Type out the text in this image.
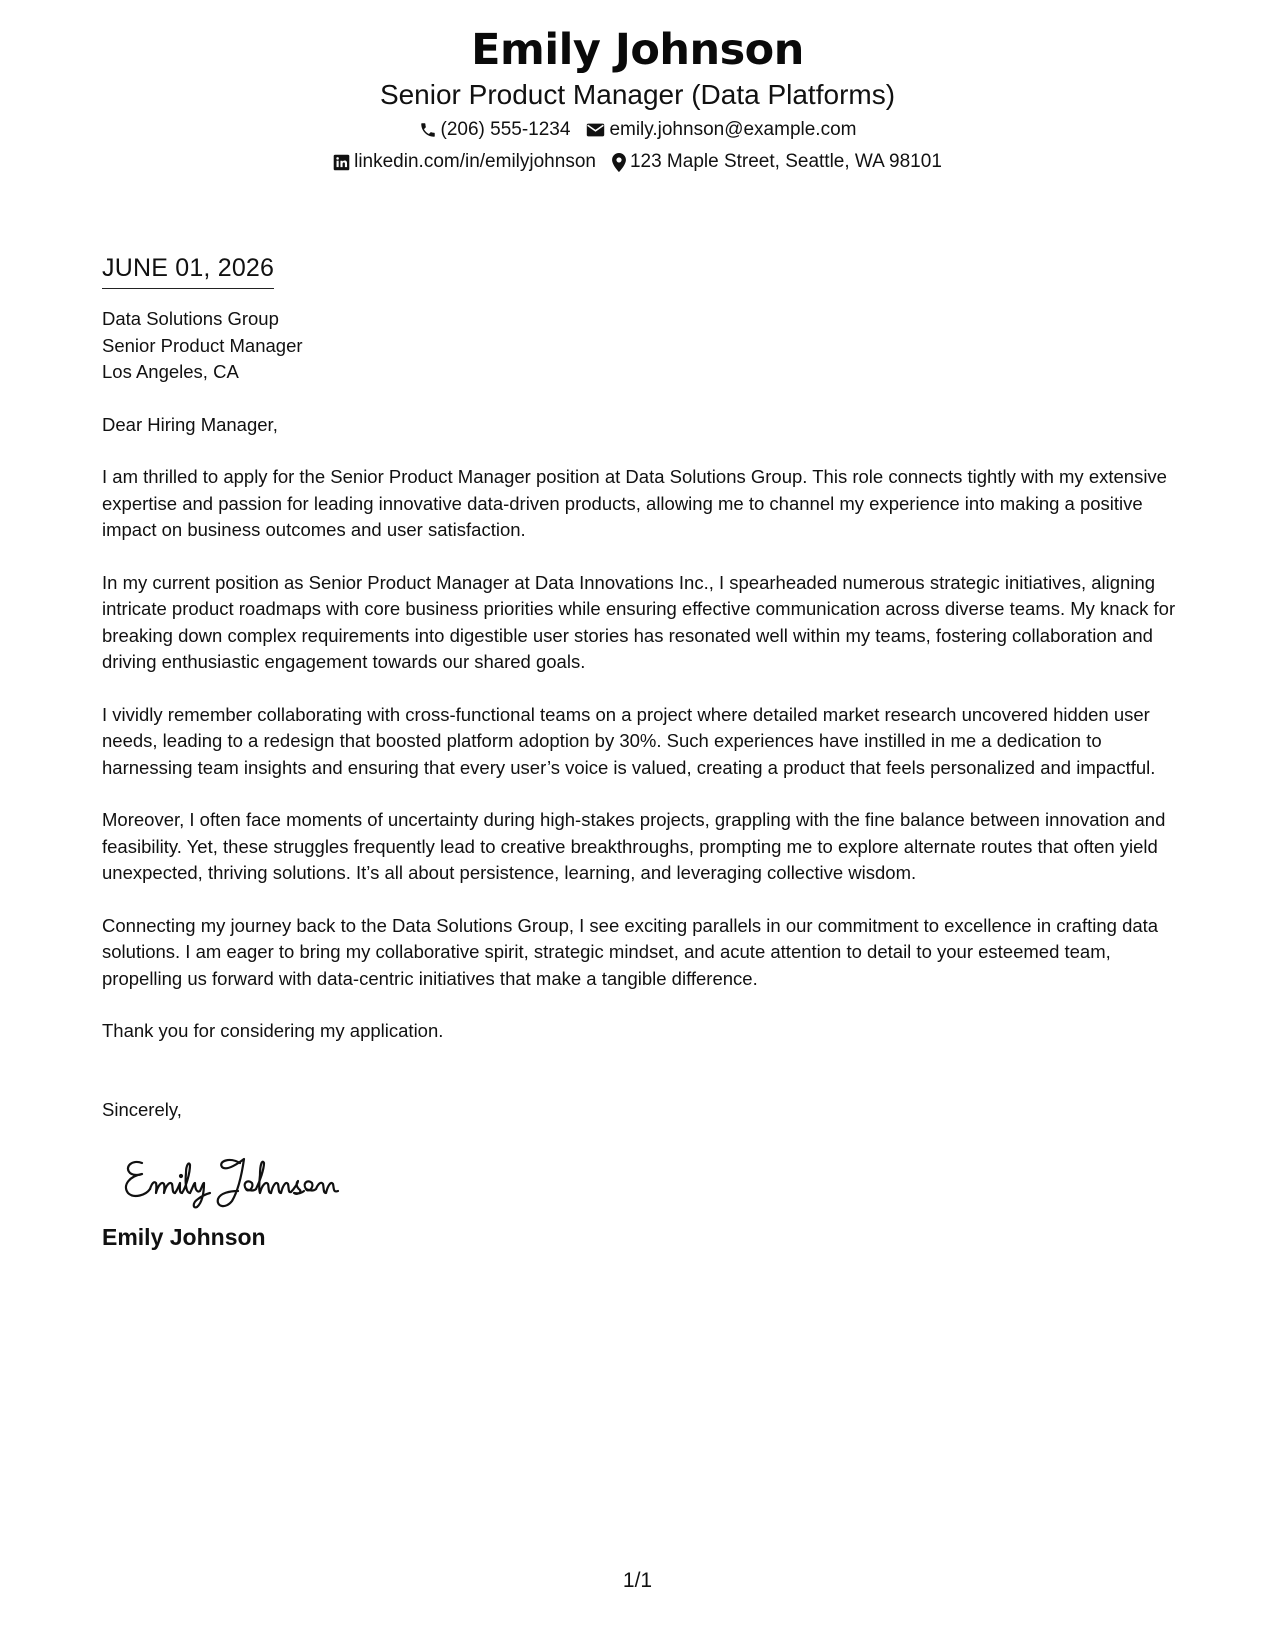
Emily Johnson
Senior Product Manager (Data Platforms)
(206) 555-1234 emily.johnson@example.com
linkedin.com/in/emilyjohnson 123 Maple Street, Seattle, WA 98101
JUNE 01, 2026
Data Solutions Group
Senior Product Manager
Los Angeles, CA
Dear Hiring Manager,
I am thrilled to apply for the Senior Product Manager position at Data Solutions Group. This role connects tightly with my extensive expertise and passion for leading innovative data-driven products, allowing me to channel my experience into making a positive impact on business outcomes and user satisfaction.
In my current position as Senior Product Manager at Data Innovations Inc., I spearheaded numerous strategic initiatives, aligning intricate product roadmaps with core business priorities while ensuring effective communication across diverse teams. My knack for breaking down complex requirements into digestible user stories has resonated well within my teams, fostering collaboration and driving enthusiastic engagement towards our shared goals.
I vividly remember collaborating with cross-functional teams on a project where detailed market research uncovered hidden user needs, leading to a redesign that boosted platform adoption by 30%. Such experiences have instilled in me a dedication to harnessing team insights and ensuring that every user’s voice is valued, creating a product that feels personalized and impactful.
Moreover, I often face moments of uncertainty during high-stakes projects, grappling with the fine balance between innovation and feasibility. Yet, these struggles frequently lead to creative breakthroughs, prompting me to explore alternate routes that often yield unexpected, thriving solutions. It’s all about persistence, learning, and leveraging collective wisdom.
Connecting my journey back to the Data Solutions Group, I see exciting parallels in our commitment to excellence in crafting data solutions. I am eager to bring my collaborative spirit, strategic mindset, and acute attention to detail to your esteemed team, propelling us forward with data-centric initiatives that make a tangible difference.
Thank you for considering my application.
Sincerely,
Emily Johnson
1/1
